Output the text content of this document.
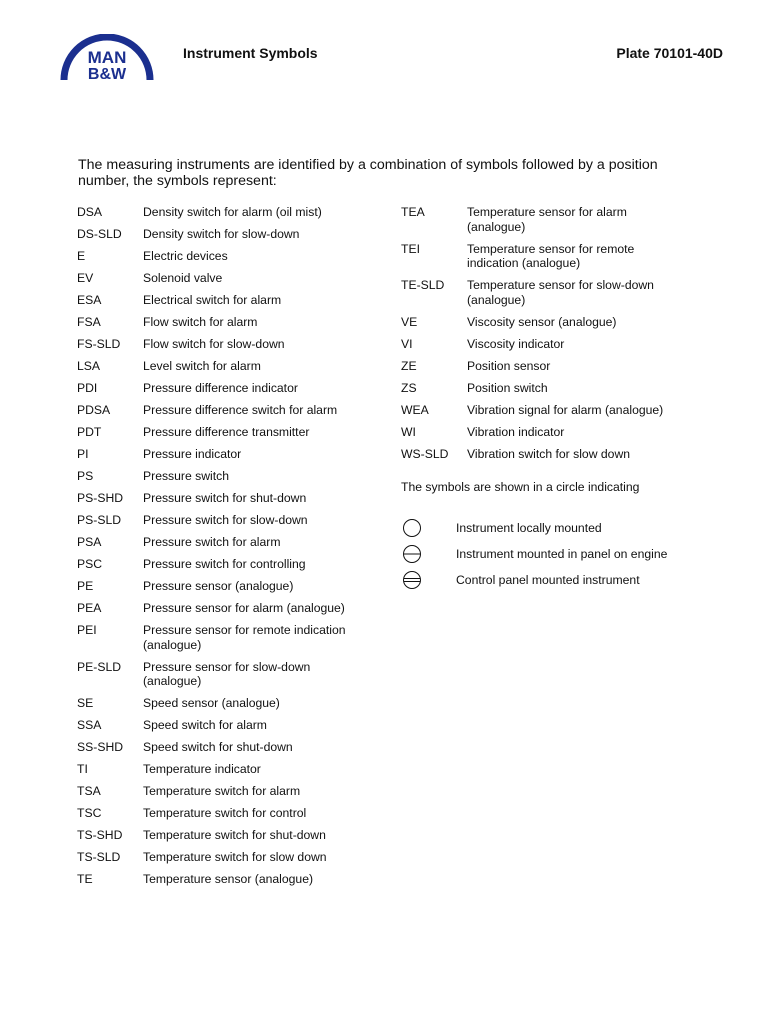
MAN
B&W
Instrument Symbols	Plate 70101-40D
The measuring instruments are identified by a combination of symbols followed by a position number, the symbols represent:
DSA	Density switch for alarm (oil mist)
DS-SLD	Density switch for slow-down
E	Electric devices
EV	Solenoid valve
ESA	Electrical switch for alarm
FSA	Flow switch for alarm
FS-SLD	Flow switch for slow-down
LSA	Level switch for alarm
PDI	Pressure difference indicator
PDSA	Pressure difference switch for alarm
PDT	Pressure difference transmitter
PI	Pressure indicator
PS	Pressure switch
PS-SHD	Pressure switch for shut-down
PS-SLD	Pressure switch for slow-down
PSA	Pressure switch for alarm
PSC	Pressure switch for controlling
PE	Pressure sensor (analogue)
PEA	Pressure sensor for alarm (analogue)
PEI	Pressure sensor for remote indication (analogue)
PE-SLD	Pressure sensor for slow-down (analogue)
SE	Speed sensor (analogue)
SSA	Speed switch for alarm
SS-SHD	Speed switch for shut-down
TI	Temperature indicator
TSA	Temperature switch for alarm
TSC	Temperature switch for control
TS-SHD	Temperature switch for shut-down
TS-SLD	Temperature switch for slow down
TE	Temperature sensor (analogue)
TEA	Temperature sensor for alarm (analogue)
TEI	Temperature sensor for remote indication (analogue)
TE-SLD	Temperature sensor for slow-down (analogue)
VE	Viscosity sensor (analogue)
VI	Viscosity indicator
ZE	Position sensor
ZS	Position switch
WEA	Vibration signal for alarm (analogue)
WI	Vibration indicator
WS-SLD	Vibration switch for slow down
The symbols are shown in a circle indicating
Instrument locally mounted
Instrument mounted in panel on engine
Control panel mounted instrument
